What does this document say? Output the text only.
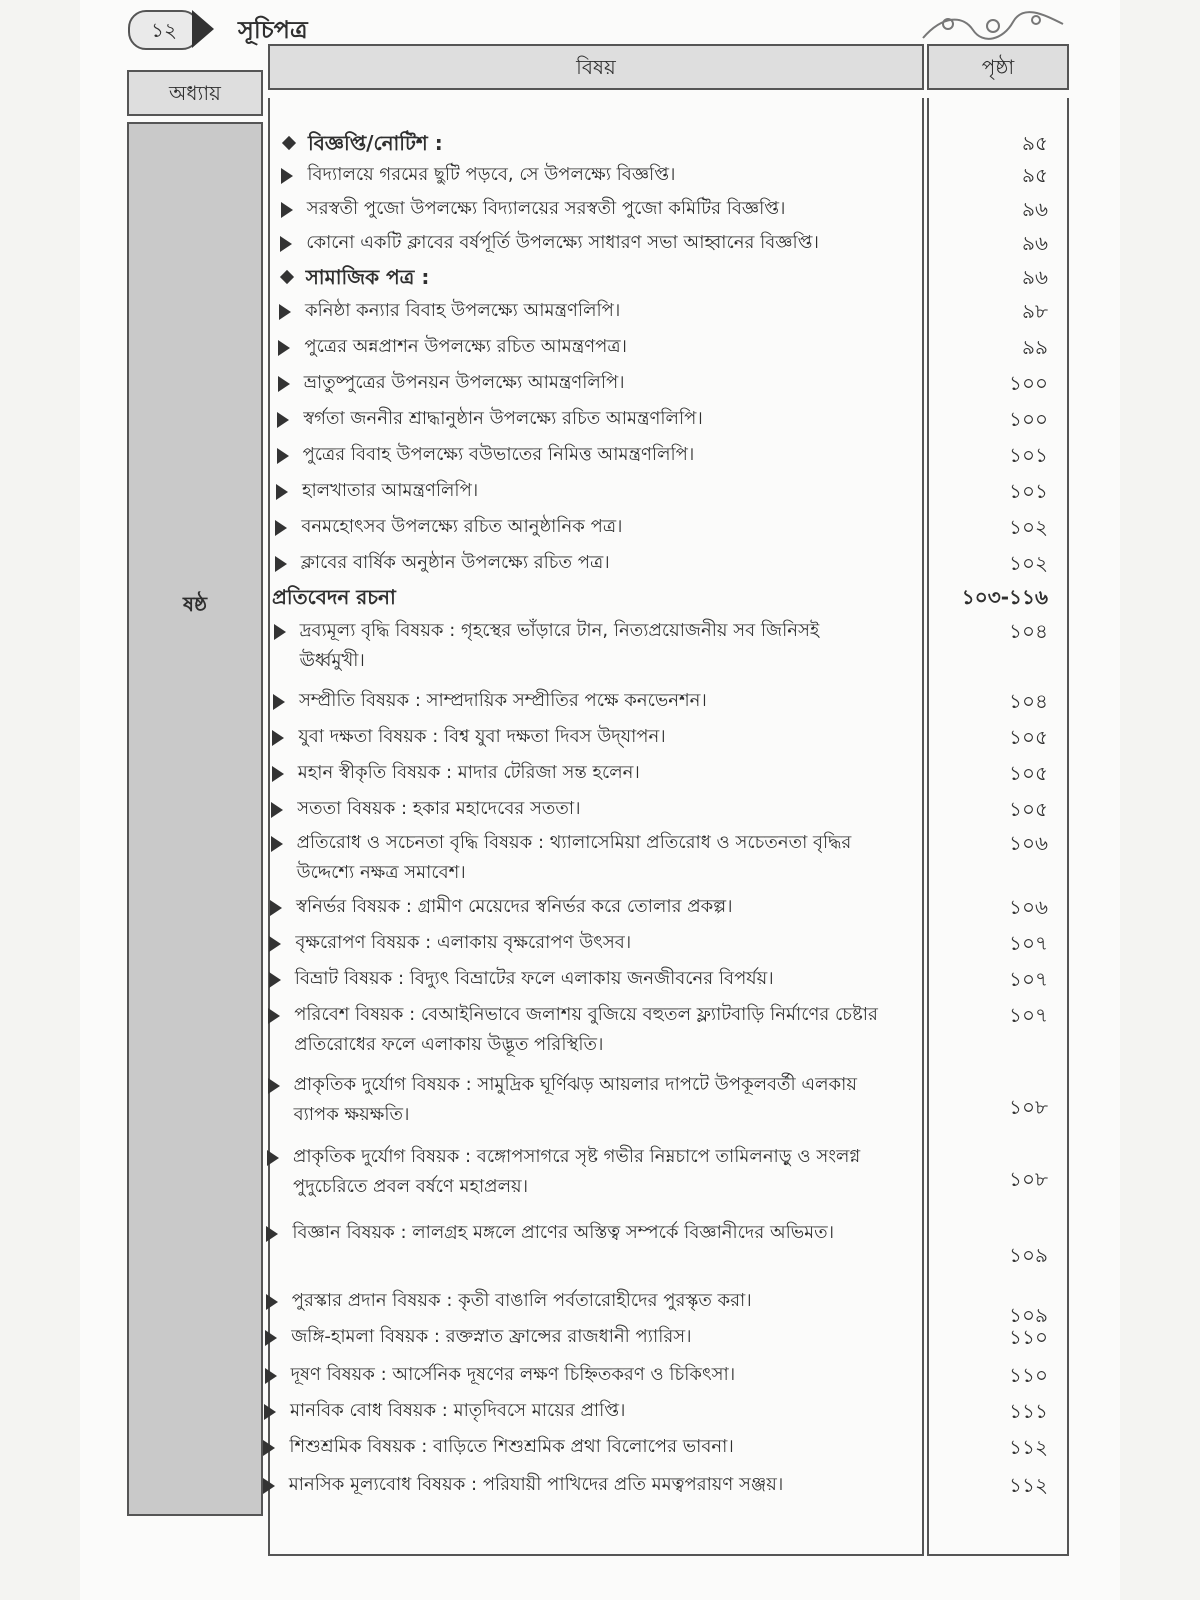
১২	সূচিপত্র
অধ্যায়
বিষয়	পৃষ্ঠা
ষষ্ঠ
বিজ্ঞপ্তি/নোটিশ :	৯৫
বিদ্যালয়ে গরমের ছুটি পড়বে, সে উপলক্ষ্যে বিজ্ঞপ্তি।	৯৫
সরস্বতী পুজো উপলক্ষ্যে বিদ্যালয়ের সরস্বতী পুজো কমিটির বিজ্ঞপ্তি।	৯৬
কোনো একটি ক্লাবের বর্ষপূর্তি উপলক্ষ্যে সাধারণ সভা আহ্বানের বিজ্ঞপ্তি।	৯৬
সামাজিক পত্র :	৯৬
কনিষ্ঠা কন্যার বিবাহ উপলক্ষ্যে আমন্ত্রণলিপি।	৯৮
পুত্রের অন্নপ্রাশন উপলক্ষ্যে রচিত আমন্ত্রণপত্র।	৯৯
ভ্রাতুষ্পুত্রের উপনয়ন উপলক্ষ্যে আমন্ত্রণলিপি।	১০০
স্বর্গতা জননীর শ্রাদ্ধানুষ্ঠান উপলক্ষ্যে রচিত আমন্ত্রণলিপি।	১০০
পুত্রের বিবাহ উপলক্ষ্যে বউভাতের নিমিত্ত আমন্ত্রণলিপি।	১০১
হালখাতার আমন্ত্রণলিপি।	১০১
বনমহোৎসব উপলক্ষ্যে রচিত আনুষ্ঠানিক পত্র।	১০২
ক্লাবের বার্ষিক অনুষ্ঠান উপলক্ষ্যে রচিত পত্র।	১০২
প্রতিবেদন রচনা	১০৩-১১৬
দ্রব্যমূল্য বৃদ্ধি বিষয়ক : গৃহস্থের ভাঁড়ারে টান, নিত্যপ্রয়োজনীয় সব জিনিসই ঊর্ধ্বমুখী।
১০৪
সম্প্রীতি বিষয়ক : সাম্প্রদায়িক সম্প্রীতির পক্ষে কনভেনশন।	১০৪
যুবা দক্ষতা বিষয়ক : বিশ্ব যুবা দক্ষতা দিবস উদ্‌যাপন।	১০৫
মহান স্বীকৃতি বিষয়ক : মাদার টেরিজা সন্ত হলেন।	১০৫
সততা বিষয়ক : হকার মহাদেবের সততা।	১০৫
প্রতিরোধ ও সচেনতা বৃদ্ধি বিষয়ক : থ্যালাসেমিয়া প্রতিরোধ ও সচেতনতা বৃদ্ধির উদ্দেশ্যে নক্ষত্র সমাবেশ।
১০৬
স্বনির্ভর বিষয়ক : গ্রামীণ মেয়েদের স্বনির্ভর করে তোলার প্রকল্প।	১০৬
বৃক্ষরোপণ বিষয়ক : এলাকায় বৃক্ষরোপণ উৎসব।	১০৭
বিভ্রাট বিষয়ক : বিদ্যুৎ বিভ্রাটের ফলে এলাকায় জনজীবনের বিপর্যয়।	১০৭
পরিবেশ বিষয়ক : বেআইনিভাবে জলাশয় বুজিয়ে বহুতল ফ্ল্যাটবাড়ি নির্মাণের চেষ্টার প্রতিরোধের ফলে এলাকায় উদ্ভূত পরিস্থিতি।
১০৭
প্রাকৃতিক দুর্যোগ বিষয়ক : সামুদ্রিক ঘূর্ণিঝড় আয়লার দাপটে উপকূলবর্তী এলকায় ব্যাপক ক্ষয়ক্ষতি।	১০৮
প্রাকৃতিক দুর্যোগ বিষয়ক : বঙ্গোপসাগরে সৃষ্ট গভীর নিম্নচাপে তামিলনাড়ু ও সংলগ্ন পুদুচেরিতে প্রবল বর্ষণে মহাপ্রলয়।	১০৮
বিজ্ঞান বিষয়ক : লালগ্রহ মঙ্গলে প্রাণের অস্তিত্ব সম্পর্কে বিজ্ঞানীদের অভিমত।
১০৯
পুরস্কার প্রদান বিষয়ক : কৃতী বাঙালি পর্বতারোহীদের পুরস্কৃত করা।
১০৯
জঙ্গি-হামলা বিষয়ক : রক্তস্নাত ফ্রান্সের রাজধানী প্যারিস।	১১০
দূষণ বিষয়ক : আর্সেনিক দূষণের লক্ষণ চিহ্নিতকরণ ও চিকিৎসা।	১১০
মানবিক বোধ বিষয়ক : মাতৃদিবসে মায়ের প্রাপ্তি।	১১১
শিশুশ্রমিক বিষয়ক : বাড়িতে শিশুশ্রমিক প্রথা বিলোপের ভাবনা।	১১২
মানসিক মূল্যবোধ বিষয়ক : পরিযায়ী পাখিদের প্রতি মমত্বপরায়ণ সঞ্জয়।	১১২
